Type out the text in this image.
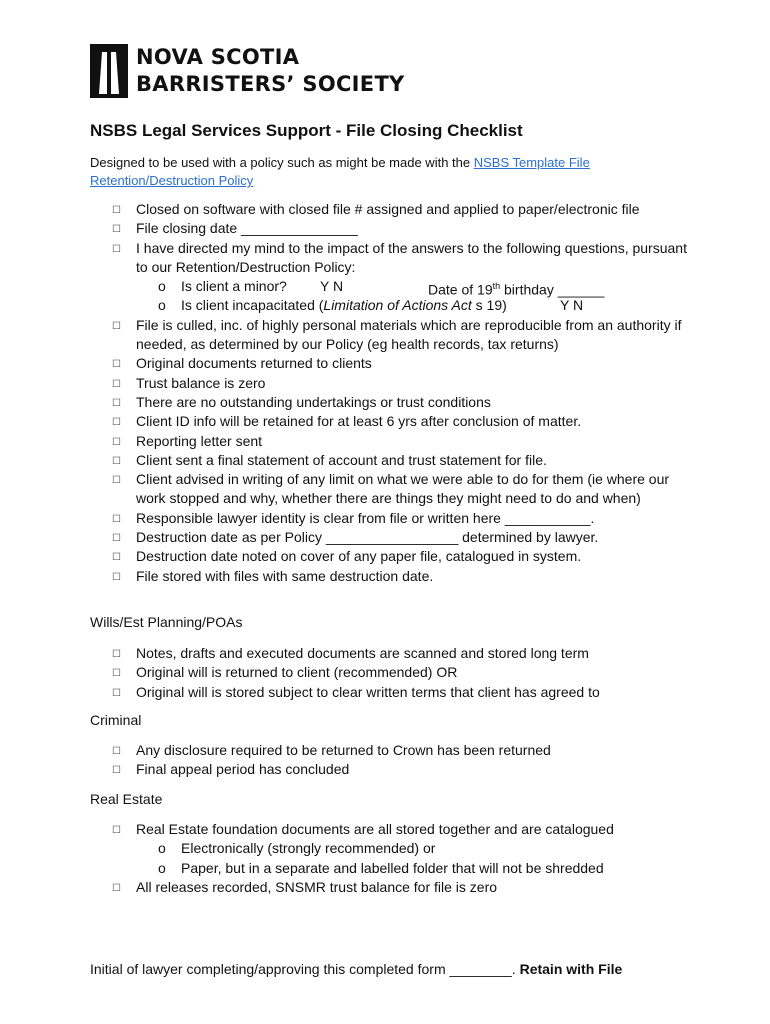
NOVA SCOTIA
BARRISTERS’ SOCIETY
NSBS Legal Services Support - File Closing Checklist
Designed to be used with a policy such as might be made with the NSBS Template File Retention/Destruction Policy
☐ Closed on software with closed file # assigned and applied to paper/electronic file
☐ File closing date _______________
☐ I have directed my mind to the impact of the answers to the following questions, pursuant to our Retention/Destruction Policy:
o Is client a minor? Y N	Date of 19th birthday ______
o Is client incapacitated (Limitation of Actions Act s 19)	Y N
☐ File is culled, inc. of highly personal materials which are reproducible from an authority if needed, as determined by our Policy (eg health records, tax returns)
☐ Original documents returned to clients
☐ Trust balance is zero
☐ There are no outstanding undertakings or trust conditions
☐ Client ID info will be retained for at least 6 yrs after conclusion of matter.
☐ Reporting letter sent
☐ Client sent a final statement of account and trust statement for file.
☐ Client advised in writing of any limit on what we were able to do for them (ie where our work stopped and why, whether there are things they might need to do and when)
☐ Responsible lawyer identity is clear from file or written here ___________.
☐ Destruction date as per Policy _________________ determined by lawyer.
☐ Destruction date noted on cover of any paper file, catalogued in system.
☐ File stored with files with same destruction date.
Wills/Est Planning/POAs
☐ Notes, drafts and executed documents are scanned and stored long term
☐ Original will is returned to client (recommended) OR
☐ Original will is stored subject to clear written terms that client has agreed to
Criminal
☐ Any disclosure required to be returned to Crown has been returned
☐ Final appeal period has concluded
Real Estate
☐ Real Estate foundation documents are all stored together and are catalogued
o Electronically (strongly recommended) or
o Paper, but in a separate and labelled folder that will not be shredded
☐ All releases recorded, SNSMR trust balance for file is zero
Initial of lawyer completing/approving this completed form ________. Retain with File
